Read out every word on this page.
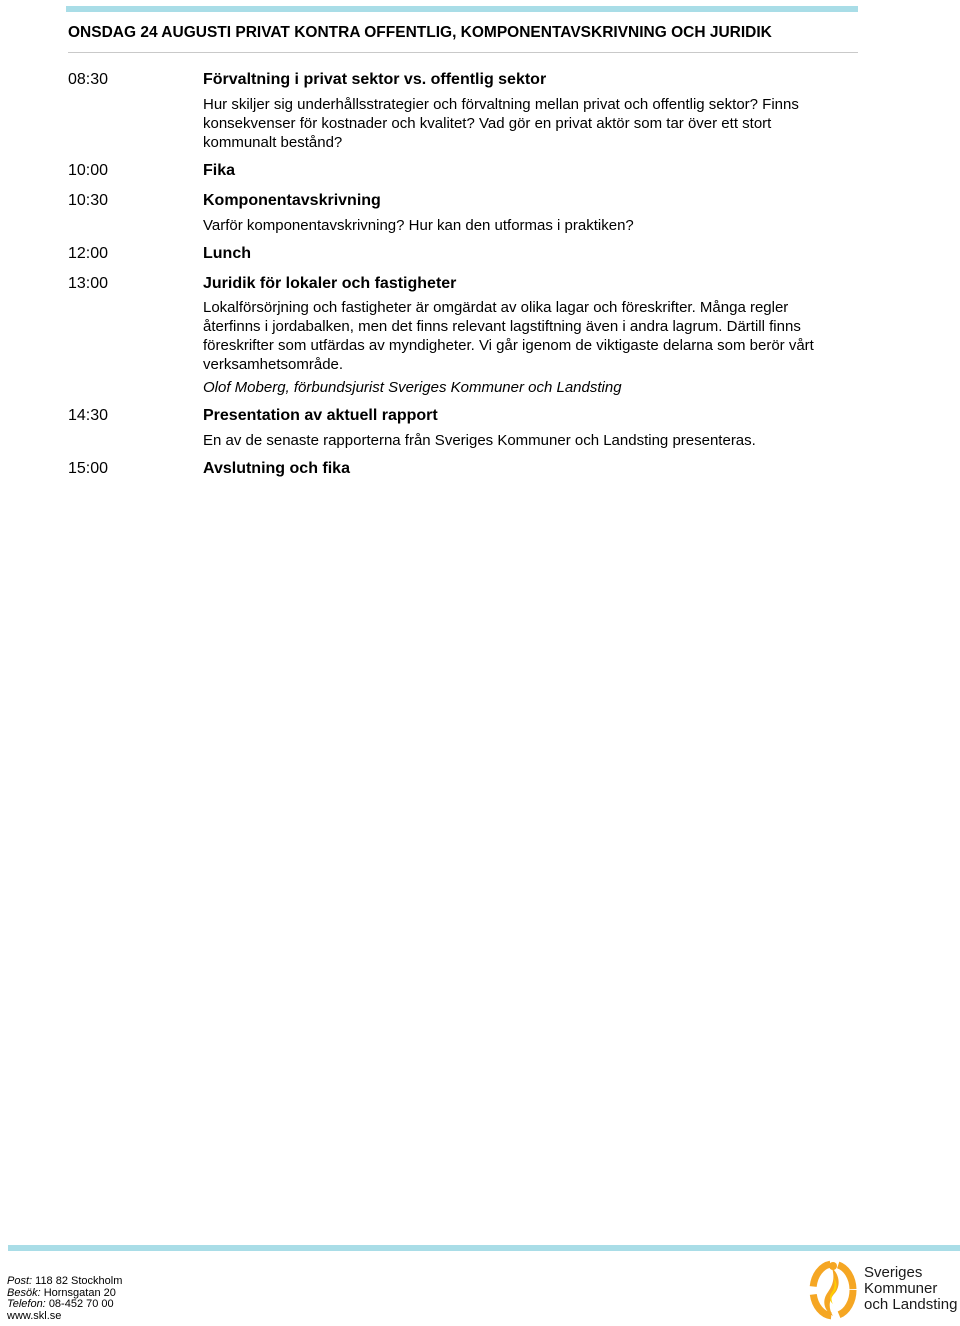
ONSDAG 24 AUGUSTI PRIVAT KONTRA OFFENTLIG, KOMPONENTAVSKRIVNING OCH JURIDIK
08:30	Förvaltning i privat sektor vs. offentlig sektor

Hur skiljer sig underhållsstrategier och förvaltning mellan privat och offentlig sektor? Finns konsekvenser för kostnader och kvalitet? Vad gör en privat aktör som tar över ett stort kommunalt bestånd?

10:00	Fika
10:30	Komponentavskrivning

Varför komponentavskrivning? Hur kan den utformas i praktiken?

12:00	Lunch
13:00	Juridik för lokaler och fastigheter

Lokalförsörjning och fastigheter är omgärdat av olika lagar och föreskrifter. Många regler återfinns i jordabalken, men det finns relevant lagstiftning även i andra lagrum. Därtill finns föreskrifter som utfärdas av myndigheter. Vi går igenom de viktigaste delarna som berör vårt verksamhetsområde.

Olof Moberg, förbundsjurist Sveriges Kommuner och Landsting

14:30	Presentation av aktuell rapport

En av de senaste rapporterna från Sveriges Kommuner och Landsting presenteras.

15:00	Avslutning och fika
Post: 118 82 Stockholm
Besök: Hornsgatan 20
Telefon: 08-452 70 00
www.skl.se
Sveriges
Kommuner
och Landsting
